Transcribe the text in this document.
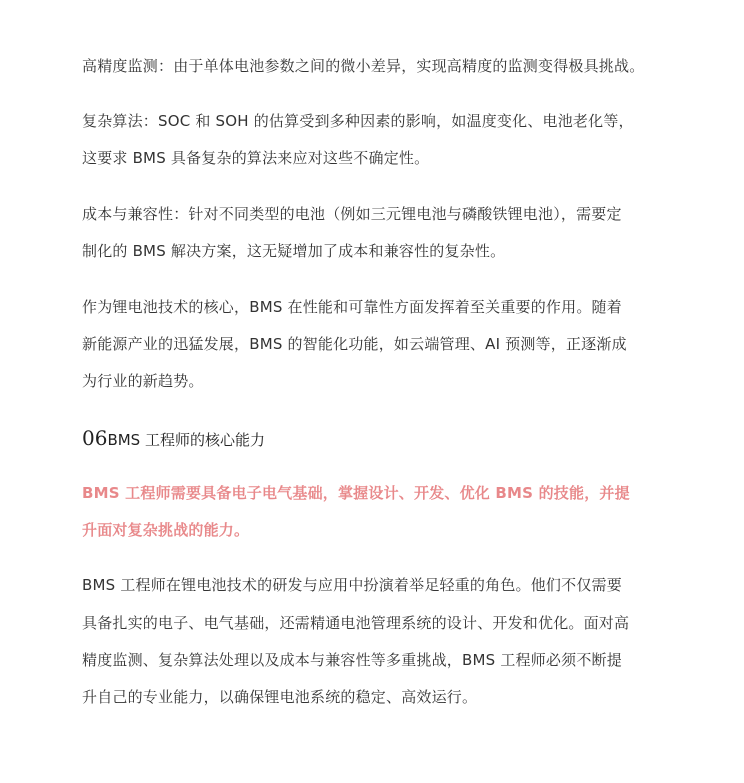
高精度监测：由于单体电池参数之间的微小差异，实现高精度的监测变得极具挑战。
复杂算法：SOC 和 SOH 的估算受到多种因素的影响，如温度变化、电池老化等，
这要求 BMS 具备复杂的算法来应对这些不确定性。
成本与兼容性：针对不同类型的电池（例如三元锂电池与磷酸铁锂电池），需要定
制化的 BMS 解决方案，这无疑增加了成本和兼容性的复杂性。
作为锂电池技术的核心，BMS 在性能和可靠性方面发挥着至关重要的作用。随着
新能源产业的迅猛发展，BMS 的智能化功能，如云端管理、AI 预测等，正逐渐成
为行业的新趋势。
06BMS 工程师的核心能力
BMS 工程师需要具备电子电气基础，掌握设计、开发、优化 BMS 的技能，并提
升面对复杂挑战的能力。
BMS 工程师在锂电池技术的研发与应用中扮演着举足轻重的角色。他们不仅需要
具备扎实的电子、电气基础，还需精通电池管理系统的设计、开发和优化。面对高
精度监测、复杂算法处理以及成本与兼容性等多重挑战，BMS 工程师必须不断提
升自己的专业能力，以确保锂电池系统的稳定、高效运行。
